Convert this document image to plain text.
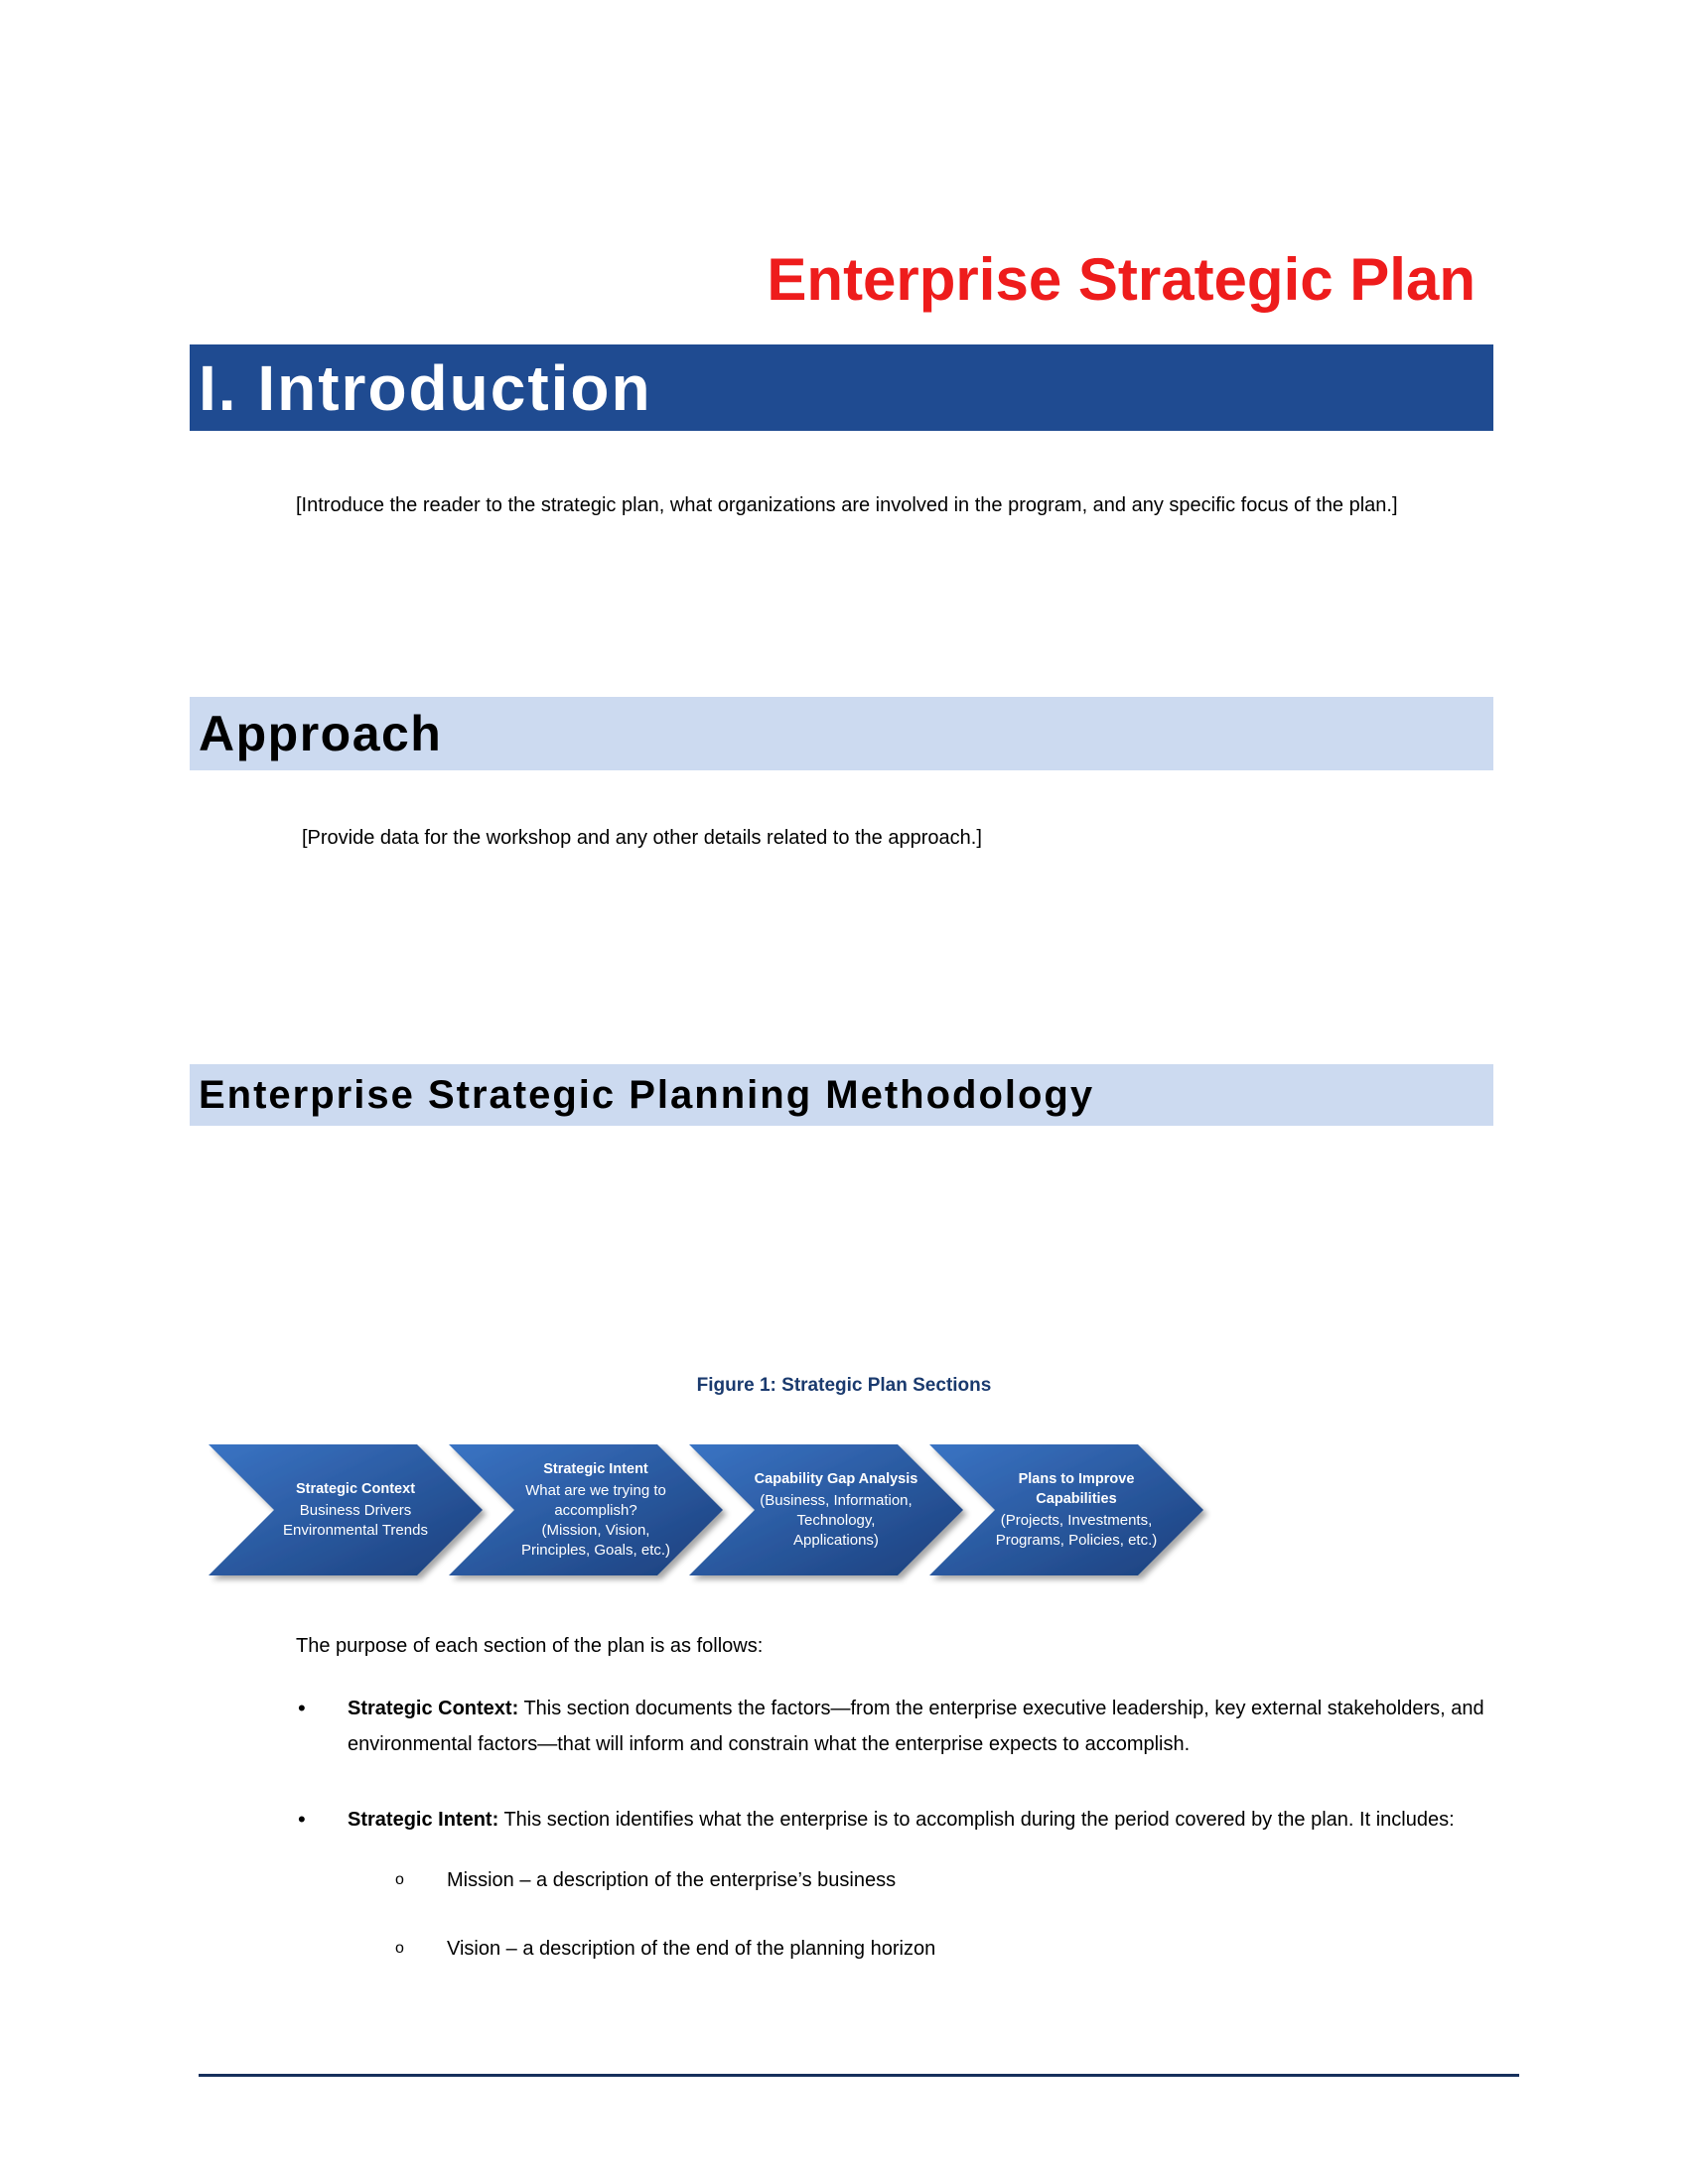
Enterprise Strategic Plan
I. Introduction

[Introduce the reader to the strategic plan, what organizations are involved in the program, and any specific focus of the plan.]

Approach

[Provide data for the workshop and any other details related to the approach.]

Enterprise Strategic Planning Methodology
Figure 1: Strategic Plan Sections
Strategic Context
Business Drivers
Environmental Trends
Strategic Intent
What are we trying to
accomplish?
(Mission, Vision,
Principles, Goals, etc.)
Capability Gap Analysis
(Business, Information,
Technology,
Applications)
Plans to Improve
Capabilities
(Projects, Investments,
Programs, Policies, etc.)

The purpose of each section of the plan is as follows:

• Strategic Context: This section documents the factors—from the enterprise executive leadership, key external stakeholders, and environmental factors—that will inform and constrain what the enterprise expects to accomplish.

• Strategic Intent: This section identifies what the enterprise is to accomplish during the period covered by the plan. It includes:

o Mission – a description of the enterprise’s business

o Vision – a description of the end of the planning horizon
